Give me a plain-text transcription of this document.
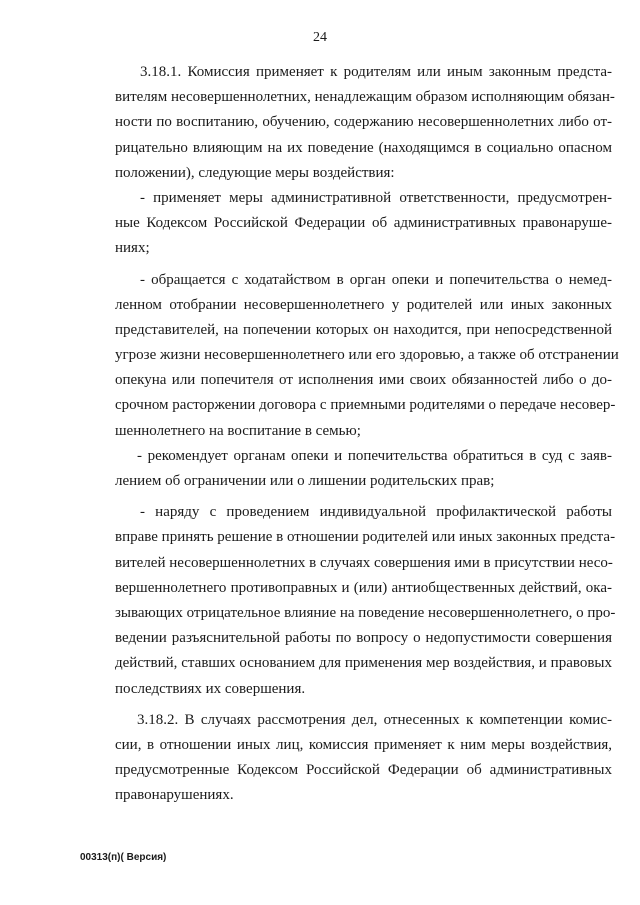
24
3.18.1. Комиссия применяет к родителям или иным законным предста-
вителям несовершеннолетних, ненадлежащим образом исполняющим обязан-
ности по воспитанию, обучению, содержанию несовершеннолетних либо от-
рицательно влияющим на их поведение (находящимся в социально опасном
положении), следующие меры воздействия:
- применяет меры административной ответственности, предусмотрен-
ные Кодексом Российской Федерации об административных правонаруше-
ниях;
- обращается с ходатайством в орган опеки и попечительства о немед-
ленном отобрании несовершеннолетнего у родителей или иных законных
представителей, на попечении которых он находится, при непосредственной
угрозе жизни несовершеннолетнего или его здоровью, а также об отстранении
опекуна или попечителя от исполнения ими своих обязанностей либо о до-
срочном расторжении договора с приемными родителями о передаче несовер-
шеннолетнего на воспитание в семью;
- рекомендует органам опеки и попечительства обратиться в суд с заяв-
лением об ограничении или о лишении родительских прав;
- наряду с проведением индивидуальной профилактической работы
вправе принять решение в отношении родителей или иных законных предста-
вителей несовершеннолетних в случаях совершения ими в присутствии несо-
вершеннолетнего противоправных и (или) антиобщественных действий, ока-
зывающих отрицательное влияние на поведение несовершеннолетнего, о про-
ведении разъяснительной работы по вопросу о недопустимости совершения
действий, ставших основанием для применения мер воздействия, и правовых
последствиях их совершения.
3.18.2. В случаях рассмотрения дел, отнесенных к компетенции комис-
сии, в отношении иных лиц, комиссия применяет к ним меры воздействия,
предусмотренные Кодексом Российской Федерации об административных
правонарушениях.
00313(п)( Версия)
